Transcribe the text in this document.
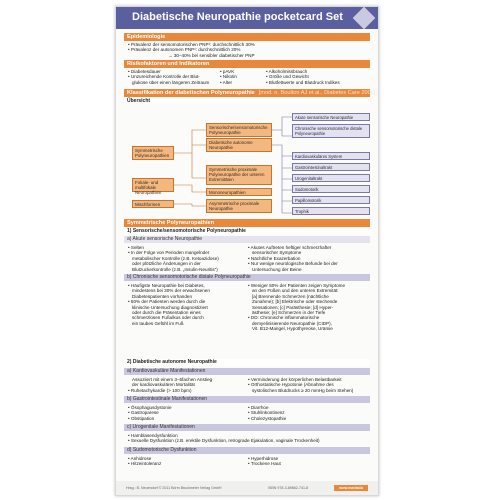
Diabetische Neuropathie pocketcard Set
Epidemiologie
• Prävalenz der sensomotorischen PNP¹: durchschnittlich 30%
• Prävalenz der autonomen PNP¹: durchschnittlich 20%
→ 30–40% bei sensibler diabetischer PNP
Risikofaktoren und Indikatoren
• Diabetesdauer
• Unzureichende Kontrolle der Blut-
glukose über einen längeren Zeitraum
• pAVK
• Nikotin
• Alter
• Alkoholmissbrauch
• Größe und Gewicht
• Blutfettwerte und Blutdruck Indikes
Klassifikation der diabetischen Polyneuropathie [mod. n. Boulton AJ et al., Diabetes Care 2005]
Übersicht
Symmetrische Polyneuropathien
Fokale- und multifokale Neuropathien
Mischformen
Sensorische/sensomotorische Polyneuropathie
Diabetische autonome Neuropathie
Symmetrische proximale Polyneuropathie der unteren Extremitäten
Mononeuropathien
Asymmetrische proximale Neuropathie
Akute sensorische Neuropathie
Chronische sensomotorische distale Polyneuropathie
Kardiovaskuläres System
Gastrointestinaltrakt
Urogenitaltrakt
Sudomotorik
Papillomotorik
Trophik
Symmetrische Polyneuropathien
1) Sensorische/sensomotorische Polyneuropathie
a) Akute sensorische Neuropathie
• Selten
• In der Folge von Perioden mangelnder
metabolischer Kontrolle (z.B. Ketoazidose)
oder plötzliche Änderungen in der
Blutzuckerkontrolle (z.B. „Insulin-Neuritis“)
• Akutes Auftreten heftiger schmerzhafter
sensorischer Symptome
• Nächtliche Exazerbation
• Nur wenige neurologische Befunde bei der
Untersuchung der Beine
b) Chronische sensomotorische distale Polyneuropathie
• Häufigste Neuropathie bei Diabetes,
mindestens bei 30% der erwachsenen
Diabetespatienten vorhanden
• 50% der Patienten werden durch die
klinische Untersuchung diagnostiziert
oder durch die Präsentation eines
schmerzlosen Fußulkus oder durch
ein taubes Gefühl im Fuß
• Weniger 50% der Patienten zeigen Symptome
an den Füßen und den unteren Extremität:
[a] Brennende Schmerzen (nächtliche
Zunahme); [b] Elektrische oder stechende
Sensationen; [c] Parästhesie; [d] Hyper-
ästhesie; [e] Schmerzen in der Tiefe
• DD: Chronische inflammatorische
demyelinisierende Neuropathie (CIDP),
Vit. B12-Mangel, Hypothyreose, Urämie
2) Diabetische autonome Neuropathie
a) Kardiovaskuläre Manifestationen
Assoziiert mit einem 3–5fachen Anstieg
der kardiovaskulären Mortalität
• Ruhetachykardie (> 100 bpm)
• Verminderung der körperlichen Belastbarkeit
• Orthostatische Hypotonie (Abnahme des
systolischen Blutdrucks ≥ 20 mmHg beim Stehen)
b) Gastrointestinale Manifestationen
• Ösophagusdystonie
• Gastroparese
• Obstipation
• Diarrhoe
• Stuhlinkontinenz
• Cholezystopathie
c) Urogenitale Manifestationen
• Harnblasendysfunktion
• Sexuelle Dysfunktion (z.B. erektile Dysfunktion, retrograde Ejakulation, vaginale Trockenheit)
d) Sudomotorische Dysfunktion
• Anhidrose
• Hitzeintoleranz
• Hyperhidrose
• Trockene Haut
Hrsg.: B. Neuendorf © 2011 Börm Bruckmeier Verlag GmbH	ISBN 978-3-89862-741-8	www.media4u
